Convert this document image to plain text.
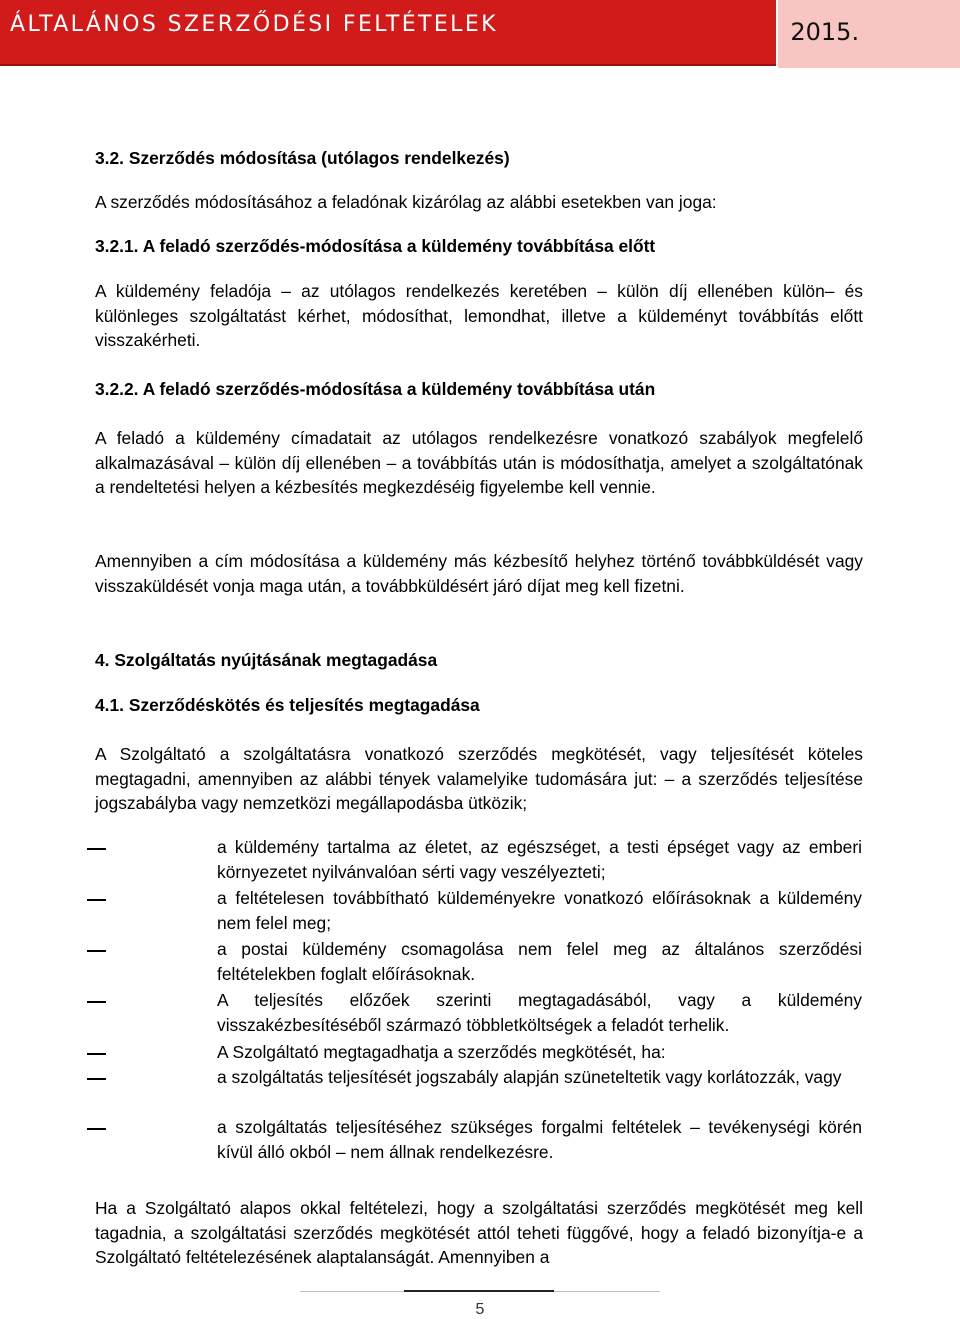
ÁLTALÁNOS SZERZŐDÉSI FELTÉTELEK	2015.
3.2. Szerződés módosítása (utólagos rendelkezés)
A szerződés módosításához a feladónak kizárólag az alábbi esetekben van joga:
3.2.1. A feladó szerződés-módosítása a küldemény továbbítása előtt
A küldemény feladója – az utólagos rendelkezés keretében – külön díj ellenében külön– és különleges szolgáltatást kérhet, módosíthat, lemondhat, illetve a küldeményt továbbítás előtt visszakérheti.
3.2.2. A feladó szerződés-módosítása a küldemény továbbítása után
A feladó a küldemény címadatait az utólagos rendelkezésre vonatkozó szabályok megfelelő alkalmazásával – külön díj ellenében – a továbbítás után is módosíthatja, amelyet a szolgáltatónak a rendeltetési helyen a kézbesítés megkezdéséig figyelembe kell vennie.
Amennyiben a cím módosítása a küldemény más kézbesítő helyhez történő továbbküldését vagy visszaküldését vonja maga után, a továbbküldésért járó díjat meg kell fizetni.
4. Szolgáltatás nyújtásának megtagadása
4.1. Szerződéskötés és teljesítés megtagadása
A Szolgáltató a szolgáltatásra vonatkozó szerződés megkötését, vagy teljesítését köteles megtagadni, amennyiben az alábbi tények valamelyike tudomására jut: – a szerződés teljesítése jogszabályba vagy nemzetközi megállapodásba ütközik;
a küldemény tartalma az életet, az egészséget, a testi épséget vagy az emberi környezetet nyilvánvalóan sérti vagy veszélyezteti;
a feltételesen továbbítható küldeményekre vonatkozó előírásoknak a küldemény nem felel meg;
a postai küldemény csomagolása nem felel meg az általános szerződési feltételekben foglalt előírásoknak.
A teljesítés előzőek szerinti megtagadásából, vagy a küldemény visszakézbesítéséből származó többletköltségek a feladót terhelik.
A Szolgáltató megtagadhatja a szerződés megkötését, ha:
a szolgáltatás teljesítését jogszabály alapján szüneteltetik vagy korlátozzák, vagy
a szolgáltatás teljesítéséhez szükséges forgalmi feltételek – tevékenységi körén kívül álló okból – nem állnak rendelkezésre.
Ha a Szolgáltató alapos okkal feltételezi, hogy a szolgáltatási szerződés megkötését meg kell tagadnia, a szolgáltatási szerződés megkötését attól teheti függővé, hogy a feladó bizonyítja-e a Szolgáltató feltételezésének alaptalanságát. Amennyiben a
5
